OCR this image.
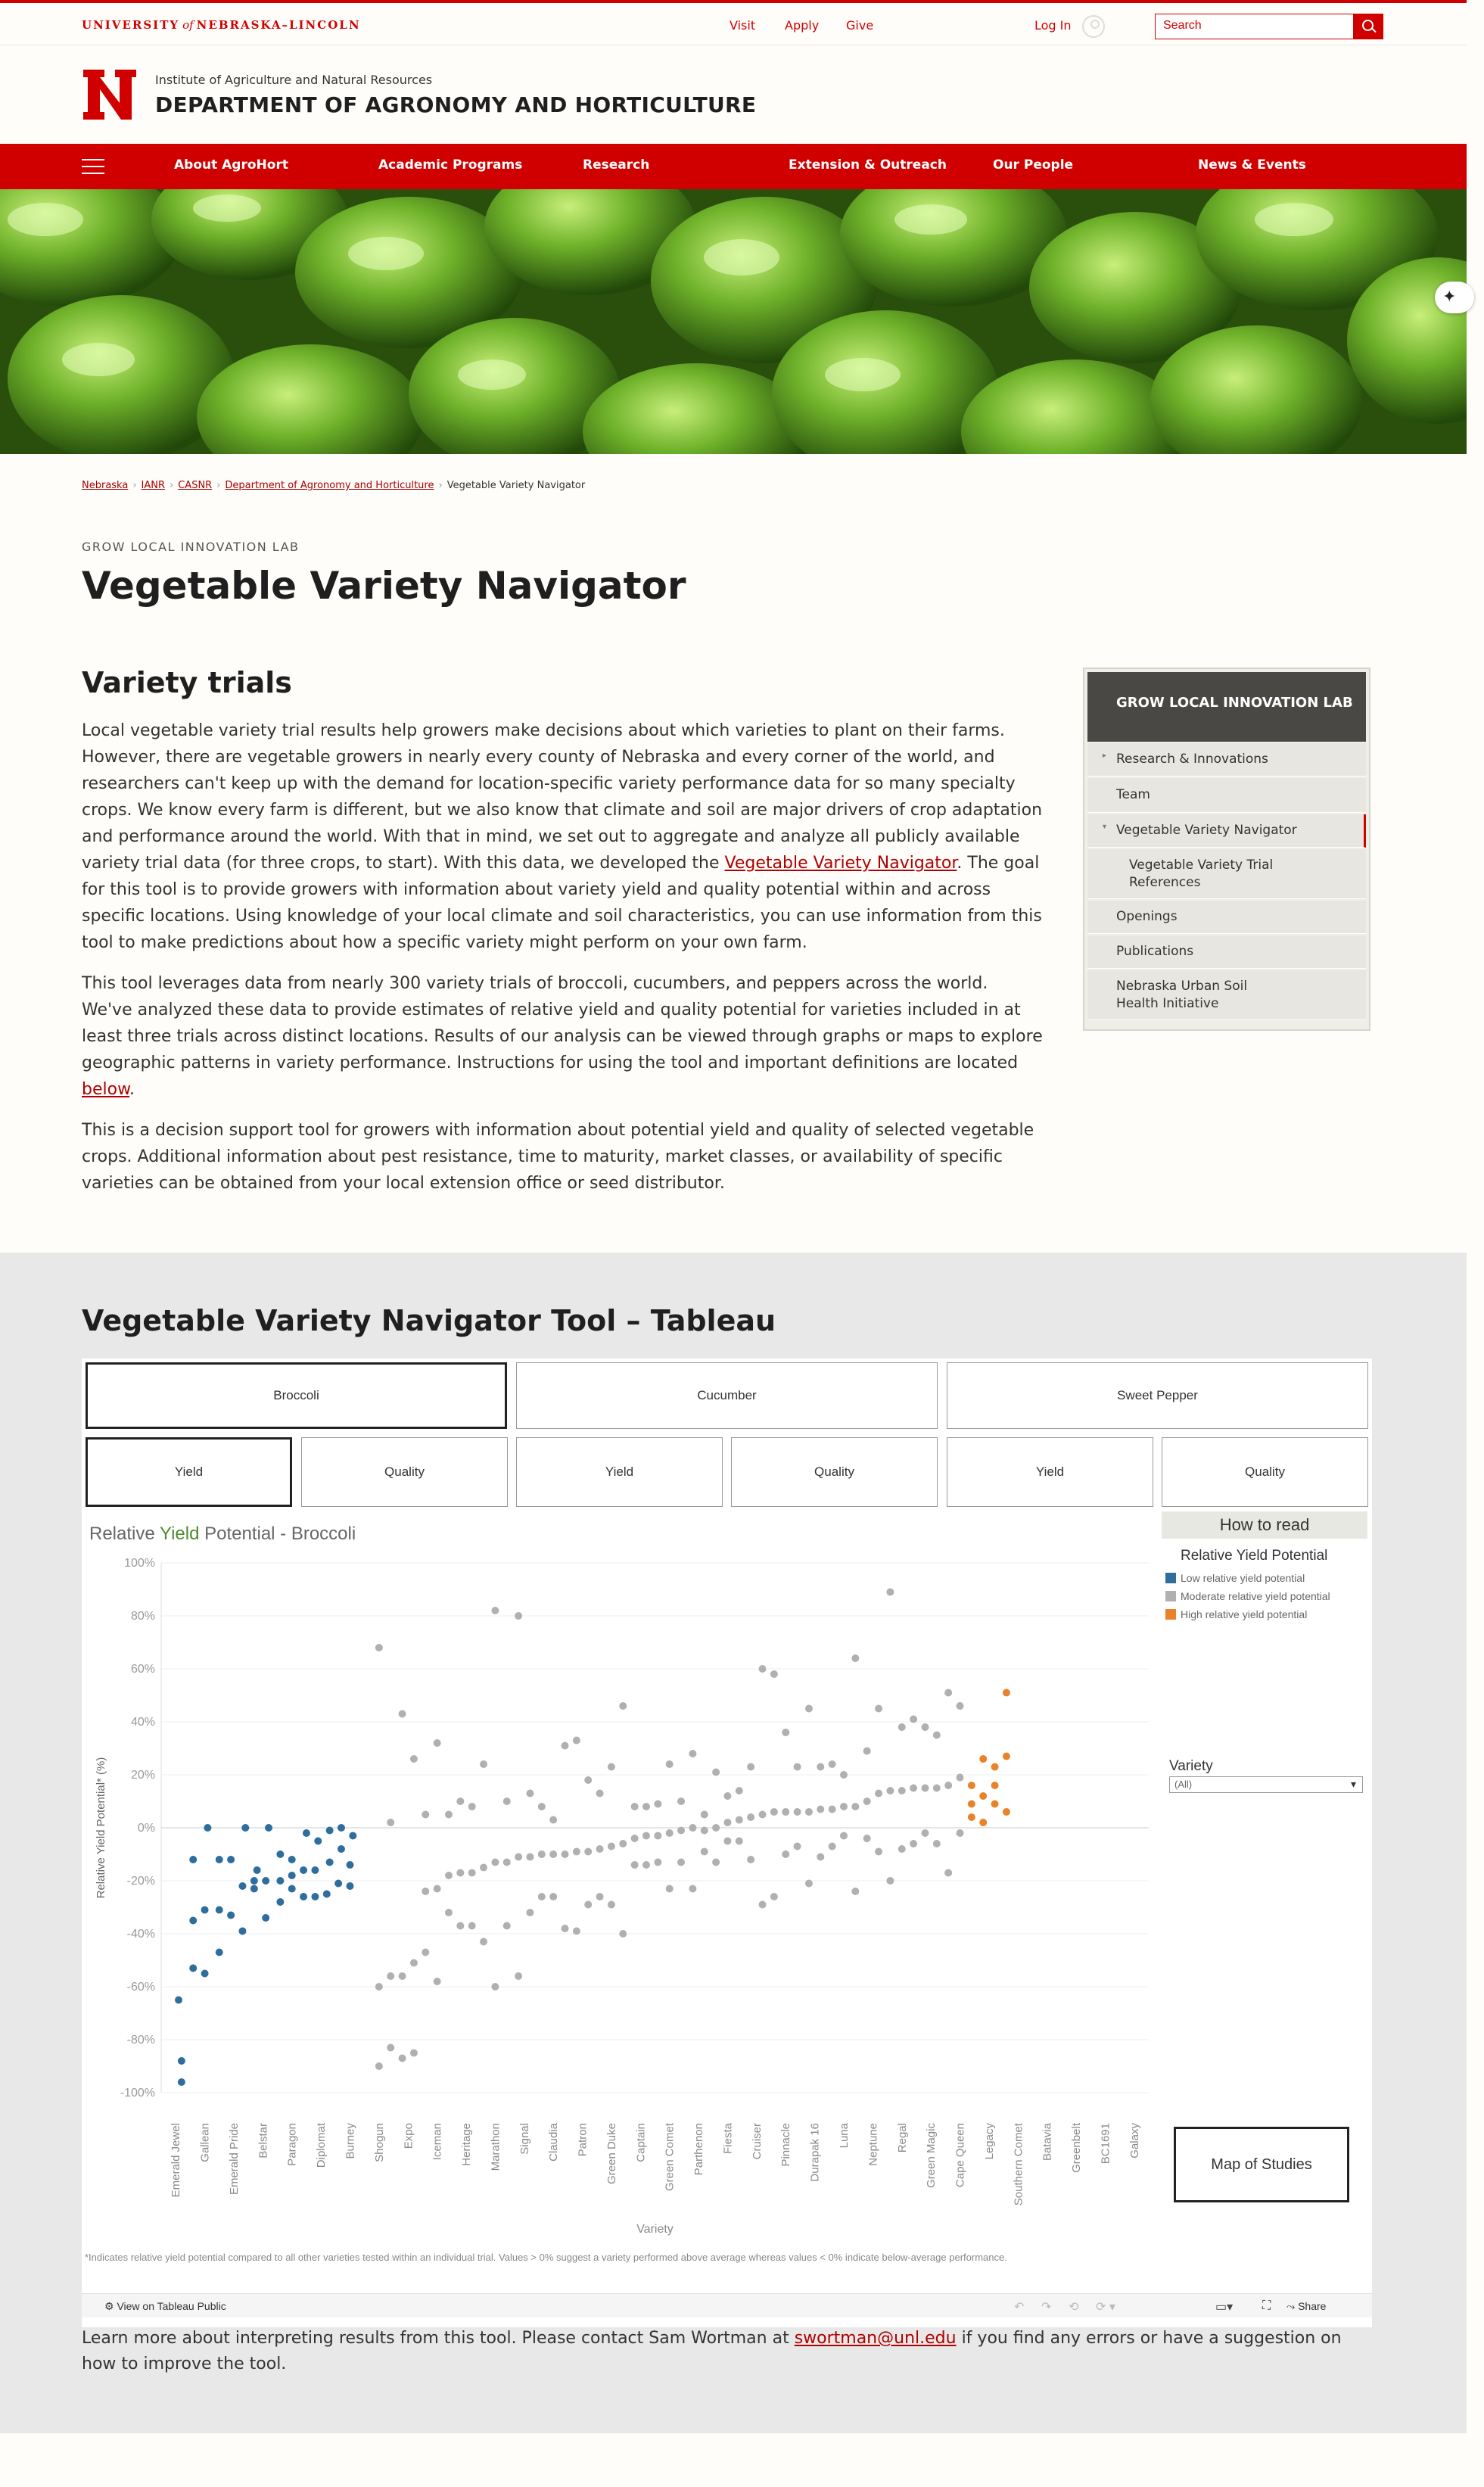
UNIVERSITY of NEBRASKA–LINCOLN	Visit Apply Give	Log In	Search
Institute of Agriculture and Natural Resources
DEPARTMENT OF AGRONOMY AND HORTICULTURE
About AgroHort	Academic Programs	Research	Extension & Outreach	Our People	News & Events
✦
Nebraska › IANR › CASNR › Department of Agronomy and Horticulture › Vegetable Variety Navigator
GROW LOCAL INNOVATION LAB
Vegetable Variety Navigator
Variety trials

Local vegetable variety trial results help growers make decisions about which varieties to plant on their farms. However, there are vegetable growers in nearly every county of Nebraska and every corner of the world, and researchers can't keep up with the demand for location-specific variety performance data for so many specialty crops. We know every farm is different, but we also know that climate and soil are major drivers of crop adaptation and performance around the world. With that in mind, we set out to aggregate and analyze all publicly available variety trial data (for three crops, to start). With this data, we developed the Vegetable Variety Navigator. The goal for this tool is to provide growers with information about variety yield and quality potential within and across specific locations. Using knowledge of your local climate and soil characteristics, you can use information from this tool to make predictions about how a specific variety might perform on your own farm.

This tool leverages data from nearly 300 variety trials of broccoli, cucumbers, and peppers across the world. We've analyzed these data to provide estimates of relative yield and quality potential for varieties included in at least three trials across distinct locations. Results of our analysis can be viewed through graphs or maps to explore geographic patterns in variety performance. Instructions for using the tool and important definitions are located below.

This is a decision support tool for growers with information about potential yield and quality of selected vegetable crops. Additional information about pest resistance, time to maturity, market classes, or availability of specific varieties can be obtained from your local extension office or seed distributor.

GROW LOCAL INNOVATION LAB
▸ Research & Innovations
Team
▾ Vegetable Variety Navigator
Vegetable Variety Trial References
Openings
Publications
Nebraska Urban Soil Health Initiative
Vegetable Variety Navigator Tool – Tableau
Broccoli	Cucumber	Sweet Pepper
Yield	Quality	Yield	Quality	Yield	Quality
Relative Yield Potential - Broccoli
100%
80%
60%
40%
20%
0%
-20%
-40%
-60%
-80%
-100%
Emerald Jewel Gallean Emerald Pride Belstar Paragon Diplomat Burney Shogun Expo Iceman Heritage Marathon Signal Claudia Patron Green Duke Captain Green Comet Parthenon Fiesta Cruiser Pinnacle Durapak 16 Luna Neptune Regal Green Magic Cape Queen Legacy Southern Comet Batavia Greenbelt BC1691 Galaxy
Variety
Relative Yield Potential* (%)
How to read
Relative Yield Potential
Low relative yield potential
Moderate relative yield potential
High relative yield potential
Variety
(All) ▾
Map of Studies
*Indicates relative yield potential compared to all other varieties tested within an individual trial. Values > 0% suggest a variety performed above average whereas values < 0% indicate below-average performance.
⚙ View on Tableau Public	↶ ↷ ⟲ ⟳ ▾	▭▾ ⛶ ⤳ Share

Learn more about interpreting results from this tool. Please contact Sam Wortman at swortman@unl.edu if you find any errors or have a suggestion on how to improve the tool.
